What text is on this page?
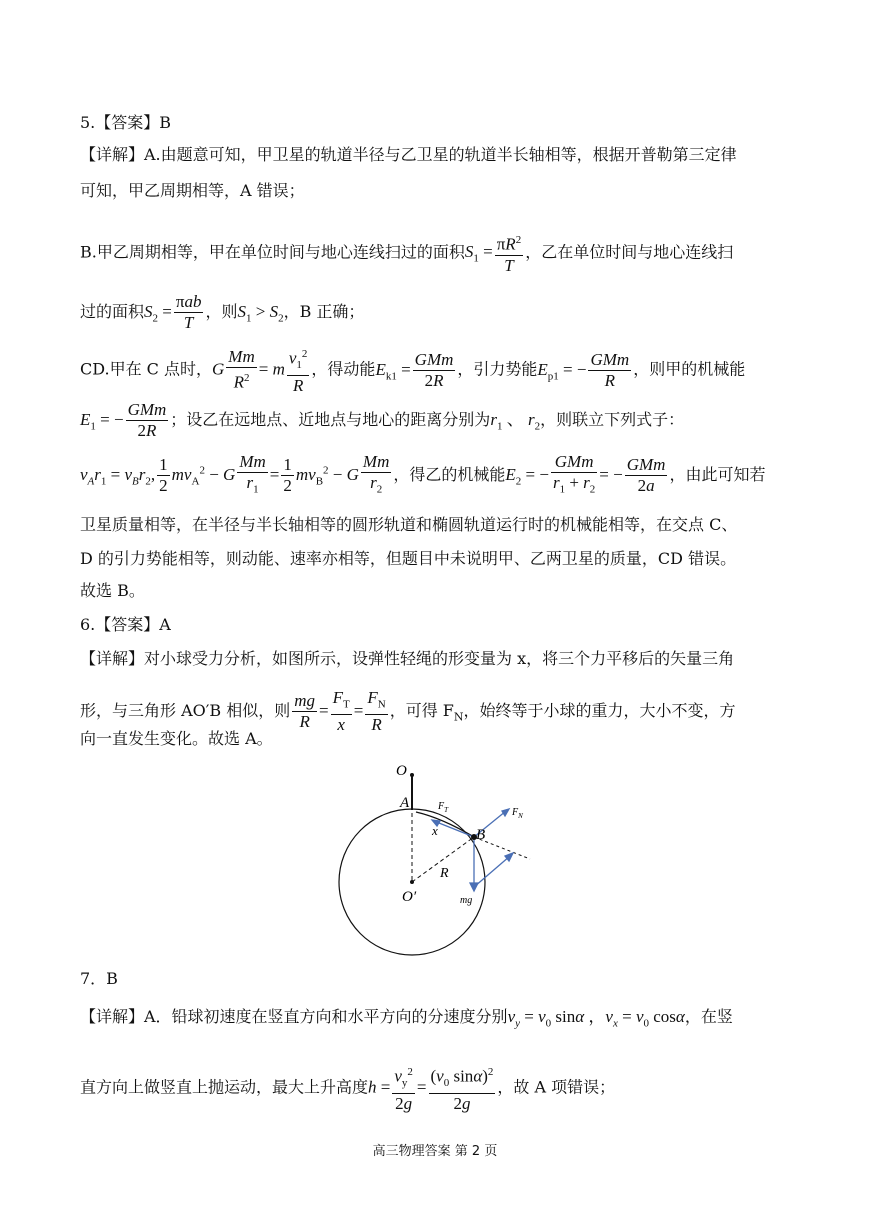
5.【答案】B
【详解】A.由题意可知，甲卫星的轨道半径与乙卫星的轨道半长轴相等，根据开普勒第三定律
可知，甲乙周期相等，A 错误；
B.甲乙周期相等，甲在单位时间与地心连线扫过的面积$S_1 = \frac{\pi R^2}{T}$ ，乙在单位时间与地心连线扫
过的面积$S_2 = \frac{\text{πab}}{T}$ ，则$S_1 > S_2$，B 正确；
CD.甲在 C 点时，G $\frac{Mm}{R^2} = m \frac{v_1^2}{R}$ ，得动能$E_{k1} = \frac{\text{GMm}}{2R}$ ，引力势能$E_{p1}$ = − $\frac{\text{GMm}}{R}$ ，则甲的机械能
$E_1$ = − $\frac{\text{GMm}}{2R}$ ；设乙在远地点、近地点与地心的距离分别为$r_1$ 、 $r_2$，则联立下列式子：
$v_Ar_1 = v_Br_2$, $\frac{1}{2} mv_A^2 - G \frac{Mm}{r_1} = \frac{1}{2} mv_B^2 - G \frac{Mm}{r_2}$ ，得乙的机械能$E_2$ = − $\frac{\text{GMm}}{r_1 + r_2}$ = − $\frac{\text{GMm}}{2a}$ ，由此可知若
卫星质量相等，在半径与半长轴相等的圆形轨道和椭圆轨道运行时的机械能相等，在交点 C、
D 的引力势能相等，则动能、速率亦相等，但题目中未说明甲、乙两卫星的质量，CD 错误。
故选 B。
6.【答案】A
【详解】对小球受力分析，如图所示，设弹性轻绳的形变量为 x，将三个力平移后的矢量三角
形，与三角形 AO′B 相似，则 $\frac{mg}{R} = \frac{F_T}{x} = \frac{F_N}{R}$ ，可得 $F_N$，始终等于小球的重力，大小不变，方
向一直发生变化。故选 A。
O
A
B
O′
R
x
$F_T$	$F_N$
mg
7．B
【详解】A．铅球初速度在竖直方向和水平方向的分速度分别$v_y = v_0$ sinα ，$v_x = v_0$ cosα，在竖
直方向上做竖直上抛运动，最大上升高度$h = \frac{v_y^2}{2g} = \frac{(v_0 \sin\alpha)^2}{2g}$ ，故 A 项错误；
高三物理答案 第 2 页
